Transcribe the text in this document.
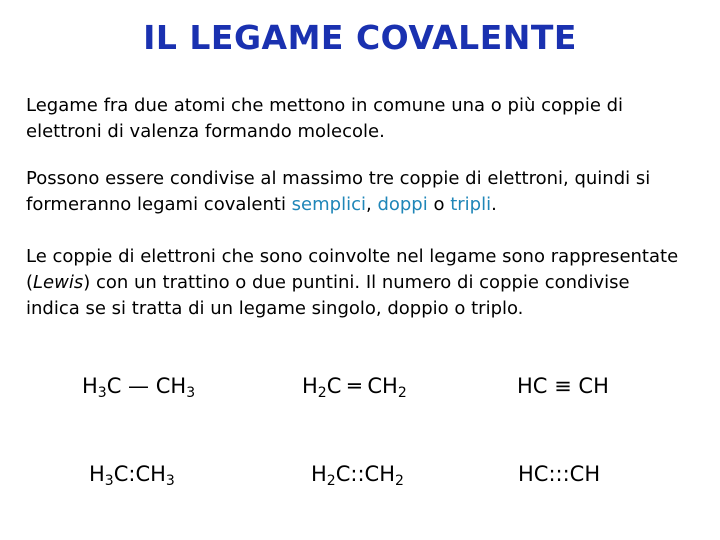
IL LEGAME COVALENTE
Legame fra due atomi che mettono in comune una o più coppie di elettroni di valenza formando molecole.
Possono essere condivise al massimo tre coppie di elettroni, quindi si formeranno legami covalenti semplici, doppi o tripli.
Le coppie di elettroni che sono coinvolte nel legame sono rappresentate (Lewis) con un trattino o due puntini. Il numero di coppie condivise indica se si tratta di un legame singolo, doppio o triplo.
$H_3C$ — $CH_3$	$H_2C$ ═ $CH_2$	HC ≡ CH
$H_3C:CH_3$	$H_2C::CH_2$	HC:::CH
